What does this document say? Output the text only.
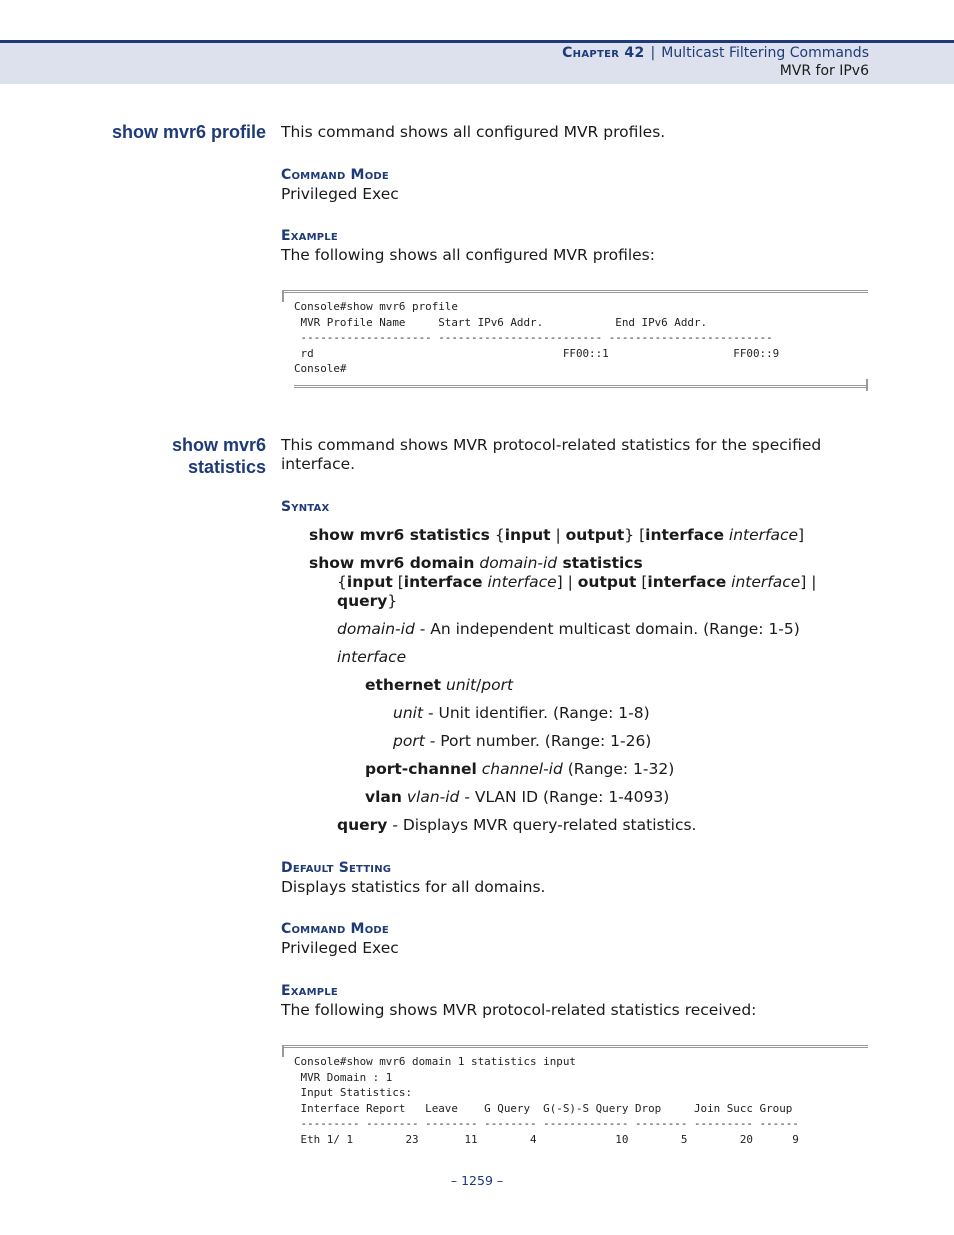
Chapter 42 | Multicast Filtering Commands
MVR for IPv6
show mvr6 profile This command shows all configured MVR profiles.
Command Mode
Privileged Exec
Example
The following shows all configured MVR profiles:
Console#show mvr6 profile
MVR Profile Name     Start IPv6 Addr.           End IPv6 Addr.
-------------------- ------------------------- -------------------------
rd                                      FF00::1                   FF00::9
Console#
show mvr6
statistics
This command shows MVR protocol-related statistics for the specified
interface.
Syntax
show mvr6 statistics {input | output} [interface interface]
show mvr6 domain domain-id statistics
{input [interface interface] | output [interface interface] |
query}
domain-id - An independent multicast domain. (Range: 1-5)
interface
ethernet unit/port
unit - Unit identifier. (Range: 1-8)
port - Port number. (Range: 1-26)
port-channel channel-id (Range: 1-32)
vlan vlan-id - VLAN ID (Range: 1-4093)
query - Displays MVR query-related statistics.
Default Setting
Displays statistics for all domains.
Command Mode
Privileged Exec
Example
The following shows MVR protocol-related statistics received:
Console#show mvr6 domain 1 statistics input
MVR Domain : 1
Input Statistics:
Interface Report   Leave    G Query  G(-S)-S Query Drop     Join Succ Group
--------- -------- -------- -------- ------------- -------- --------- ------
Eth 1/ 1        23       11        4            10        5        20      9
– 1259 –
